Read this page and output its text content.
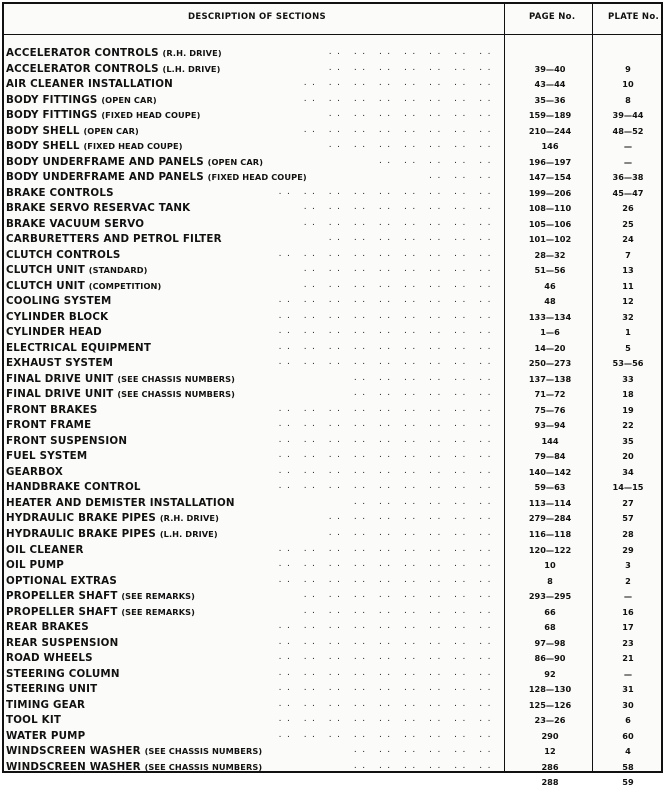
DESCRIPTION OF SECTIONS	PAGE No.	PLATE No.
ACCELERATOR CONTROLS (R.H. DRIVE)	.. .. .. .. .. .. ..
ACCELERATOR CONTROLS (L.H. DRIVE)	.. .. .. .. .. .. ..	39—40	9
AIR CLEANER INSTALLATION	.. .. .. .. .. .. .. ..	43—44	10
BODY FITTINGS (OPEN CAR)	.. .. .. .. .. .. .. ..	35—36	8
BODY FITTINGS (FIXED HEAD COUPE)	.. .. .. .. .. .. ..	159—189	39—44
BODY SHELL (OPEN CAR)	.. .. .. .. .. .. .. ..	210—244	48—52
BODY SHELL (FIXED HEAD COUPE)	.. .. .. .. .. .. ..	146	—
BODY UNDERFRAME AND PANELS (OPEN CAR)	.. .. .. .. ..	196—197	—
BODY UNDERFRAME AND PANELS (FIXED HEAD COUPE)	.. .. ..	147—154	36—38
BRAKE CONTROLS	.. .. .. .. .. .. .. .. ..	199—206	45—47
BRAKE SERVO RESERVAC TANK	.. .. .. .. .. .. .. ..	108—110	26
BRAKE VACUUM SERVO	.. .. .. .. .. .. .. ..	105—106	25
CARBURETTERS AND PETROL FILTER	.. .. .. .. .. .. ..	101—102	24
CLUTCH CONTROLS	.. .. .. .. .. .. .. .. ..	28—32	7
CLUTCH UNIT (STANDARD)	.. .. .. .. .. .. .. ..	51—56	13
CLUTCH UNIT (COMPETITION)	.. .. .. .. .. .. .. ..	46	11
COOLING SYSTEM	.. .. .. .. .. .. .. .. ..	48	12
CYLINDER BLOCK	.. .. .. .. .. .. .. .. ..	133—134	32
CYLINDER HEAD	.. .. .. .. .. .. .. .. ..	1—6	1
ELECTRICAL EQUIPMENT	.. .. .. .. .. .. .. .. ..	14—20	5
EXHAUST SYSTEM	.. .. .. .. .. .. .. .. ..	250—273	53—56
FINAL DRIVE UNIT (SEE CHASSIS NUMBERS)	.. .. .. .. .. ..	137—138	33
FINAL DRIVE UNIT (SEE CHASSIS NUMBERS)	.. .. .. .. .. ..	71—72	18
FRONT BRAKES	.. .. .. .. .. .. .. .. ..	75—76	19
FRONT FRAME	.. .. .. .. .. .. .. .. ..	93—94	22
FRONT SUSPENSION	.. .. .. .. .. .. .. .. ..	144	35
FUEL SYSTEM	.. .. .. .. .. .. .. .. ..	79—84	20
GEARBOX	.. .. .. .. .. .. .. .. ..	140—142	34
HANDBRAKE CONTROL	.. .. .. .. .. .. .. .. ..	59—63	14—15
HEATER AND DEMISTER INSTALLATION	.. .. .. .. .. ..	113—114	27
HYDRAULIC BRAKE PIPES (R.H. DRIVE)	.. .. .. .. .. .. ..	279—284	57
HYDRAULIC BRAKE PIPES (L.H. DRIVE)	.. .. .. .. .. .. ..	116—118	28
OIL CLEANER	.. .. .. .. .. .. .. .. ..	120—122	29
OIL PUMP	.. .. .. .. .. .. .. .. ..	10	3
OPTIONAL EXTRAS	.. .. .. .. .. .. .. .. ..	8	2
PROPELLER SHAFT (SEE REMARKS)	.. .. .. .. .. .. .. ..	293—295	—
PROPELLER SHAFT (SEE REMARKS)	.. .. .. .. .. .. .. ..	66	16
REAR BRAKES	.. .. .. .. .. .. .. .. ..	68	17
REAR SUSPENSION	.. .. .. .. .. .. .. .. ..	97—98	23
ROAD WHEELS	.. .. .. .. .. .. .. .. ..	86—90	21
STEERING COLUMN	.. .. .. .. .. .. .. .. ..	92	—
STEERING UNIT	.. .. .. .. .. .. .. .. ..	128—130	31
TIMING GEAR	.. .. .. .. .. .. .. .. ..	125—126	30
TOOL KIT	.. .. .. .. .. .. .. .. ..	23—26	6
WATER PUMP	.. .. .. .. .. .. .. .. ..	290	60
WINDSCREEN WASHER (SEE CHASSIS NUMBERS)	.. .. .. .. .. ..	12	4
WINDSCREEN WASHER (SEE CHASSIS NUMBERS)	.. .. .. .. .. ..	286	58
288	59
